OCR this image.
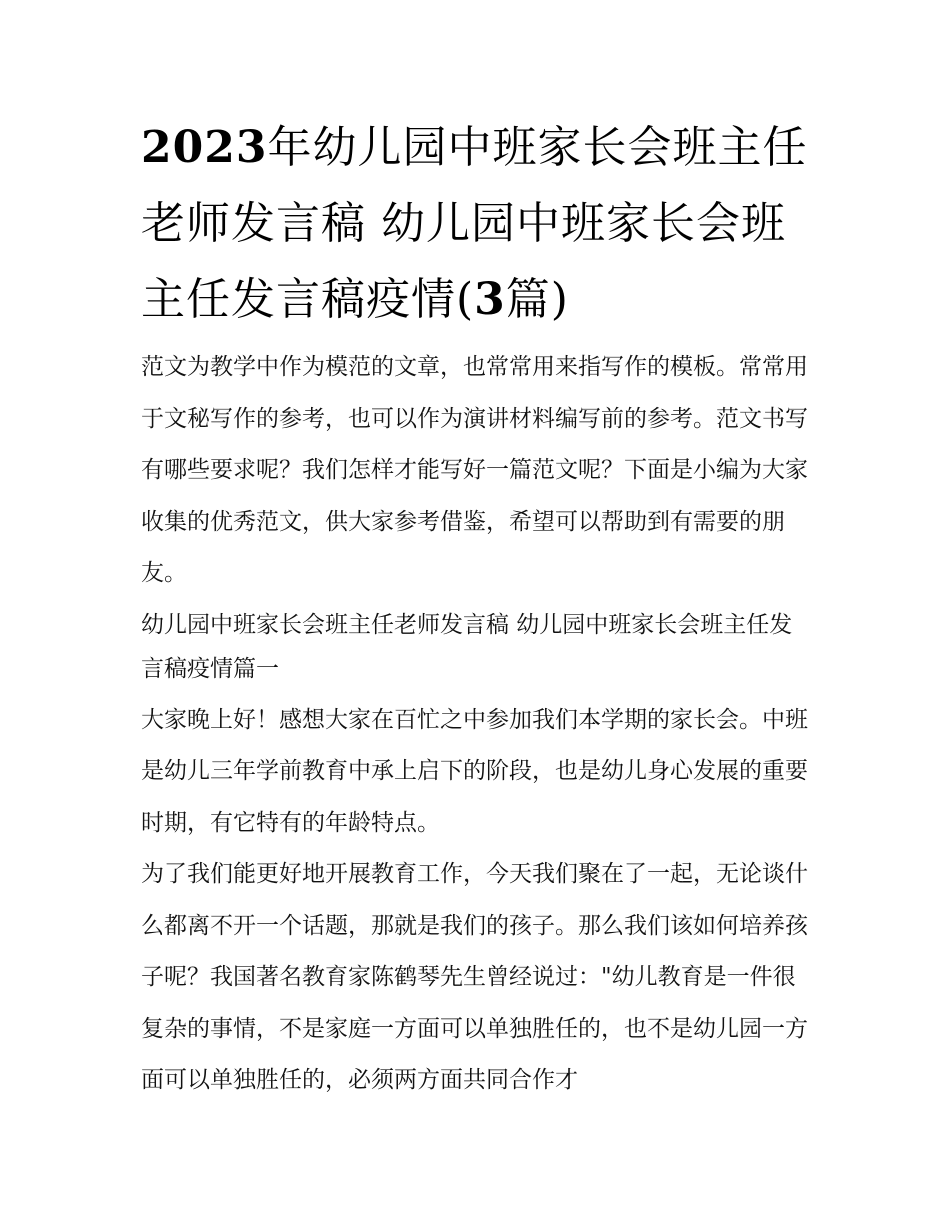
2023年幼儿园中班家长会班主任老师发言稿 幼儿园中班家长会班主任发言稿疫情(3篇)

范文为教学中作为模范的文章，也常常用来指写作的模板。常常用于文秘写作的参考，也可以作为演讲材料编写前的参考。范文书写有哪些要求呢？我们怎样才能写好一篇范文呢？下面是小编为大家收集的优秀范文，供大家参考借鉴，希望可以帮助到有需要的朋友。

幼儿园中班家长会班主任老师发言稿 幼儿园中班家长会班主任发言稿疫情篇一

大家晚上好！感想大家在百忙之中参加我们本学期的家长会。中班是幼儿三年学前教育中承上启下的阶段，也是幼儿身心发展的重要时期，有它特有的年龄特点。

为了我们能更好地开展教育工作，今天我们聚在了一起，无论谈什么都离不开一个话题，那就是我们的孩子。那么我们该如何培养孩子呢？我国著名教育家陈鹤琴先生曾经说过："幼儿教育是一件很复杂的事情，不是家庭一方面可以单独胜任的，也不是幼儿园一方面可以单独胜任的，必须两方面共同合作才
